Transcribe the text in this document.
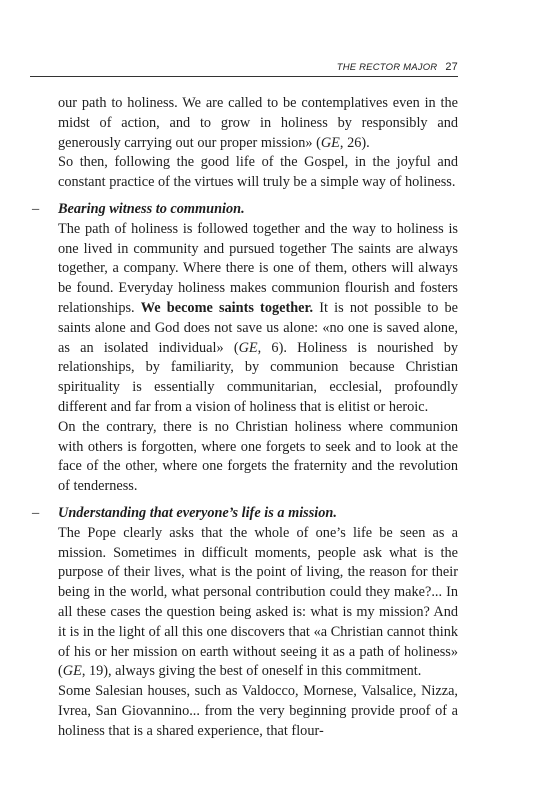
THE RECTOR MAJOR 27

our path to holiness. We are called to be contemplatives even in the midst of action, and to grow in holiness by responsibly and generously carrying out our proper mission» (GE, 26).

So then, following the good life of the Gospel, in the joyful and constant practice of the virtues will truly be a simple way of holiness.

– Bearing witness to communion.

The path of holiness is followed together and the way to holiness is one lived in community and pursued together The saints are always together, a company. Where there is one of them, others will always be found. Everyday holiness makes communion flourish and fosters relationships. We become saints together. It is not possible to be saints alone and God does not save us alone: «no one is saved alone, as an isolated individual» (GE, 6). Holiness is nourished by relationships, by familiarity, by communion because Christian spirituality is essentially communitarian, ecclesial, profoundly different and far from a vision of holiness that is elitist or heroic.

On the contrary, there is no Christian holiness where communion with others is forgotten, where one forgets to seek and to look at the face of the other, where one forgets the fraternity and the revolution of tenderness.

– Understanding that everyone’s life is a mission.

The Pope clearly asks that the whole of one’s life be seen as a mission. Sometimes in difficult moments, people ask what is the purpose of their lives, what is the point of living, the reason for their being in the world, what personal contribution could they make?... In all these cases the question being asked is: what is my mission? And it is in the light of all this one discovers that «a Christian cannot think of his or her mission on earth without seeing it as a path of holiness» (GE, 19), always giving the best of oneself in this commitment.

Some Salesian houses, such as Valdocco, Mornese, Valsalice, Nizza, Ivrea, San Giovannino... from the very beginning provide proof of a holiness that is a shared experience, that flour-
